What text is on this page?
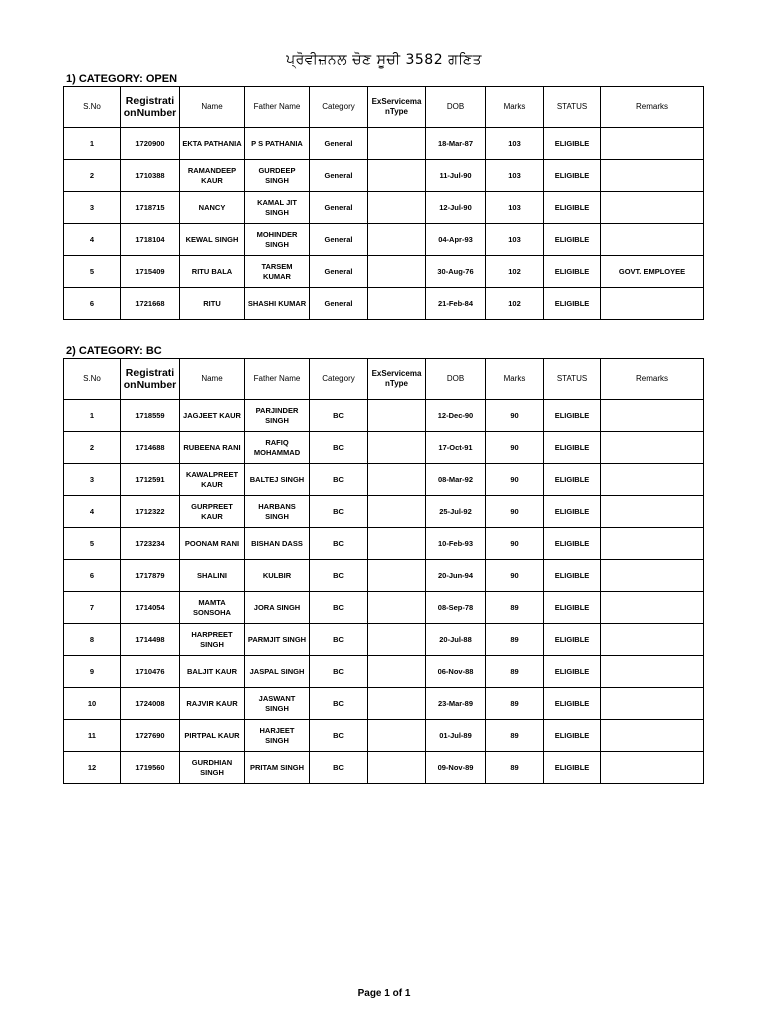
ਪ੍ਰੋਵੀਜ਼ਨਲ ਚੋਣ ਸੂਚੀ 3582 ਗਣਿਤ
1) CATEGORY: OPEN
S.No	RegistrationNumber	Name	Father Name	Category	ExServicemanType	DOB	Marks	STATUS	Remarks
1	1720900	EKTA PATHANIA	P S PATHANIA	General		18-Mar-87	103	ELIGIBLE	
2	1710388	RAMANDEEP KAUR	GURDEEP SINGH	General		11-Jul-90	103	ELIGIBLE	
3	1718715	NANCY	KAMAL JIT SINGH	General		12-Jul-90	103	ELIGIBLE	
4	1718104	KEWAL SINGH	MOHINDER SINGH	General		04-Apr-93	103	ELIGIBLE	
5	1715409	RITU BALA	TARSEM KUMAR	General		30-Aug-76	102	ELIGIBLE	GOVT. EMPLOYEE
6	1721668	RITU	SHASHI KUMAR	General		21-Feb-84	102	ELIGIBLE	
2) CATEGORY: BC
S.No	RegistrationNumber	Name	Father Name	Category	ExServicemanType	DOB	Marks	STATUS	Remarks
1	1718559	JAGJEET KAUR	PARJINDER SINGH	BC		12-Dec-90	90	ELIGIBLE	
2	1714688	RUBEENA RANI	RAFIQ MOHAMMAD	BC		17-Oct-91	90	ELIGIBLE	
3	1712591	KAWALPREET KAUR	BALTEJ SINGH	BC		08-Mar-92	90	ELIGIBLE	
4	1712322	GURPREET KAUR	HARBANS SINGH	BC		25-Jul-92	90	ELIGIBLE	
5	1723234	POONAM RANI	BISHAN DASS	BC		10-Feb-93	90	ELIGIBLE	
6	1717879	SHALINI	KULBIR	BC		20-Jun-94	90	ELIGIBLE	
7	1714054	MAMTA SONSOHA	JORA SINGH	BC		08-Sep-78	89	ELIGIBLE	
8	1714498	HARPREET SINGH	PARMJIT SINGH	BC		20-Jul-88	89	ELIGIBLE	
9	1710476	BALJIT KAUR	JASPAL SINGH	BC		06-Nov-88	89	ELIGIBLE	
10	1724008	RAJVIR KAUR	JASWANT SINGH	BC		23-Mar-89	89	ELIGIBLE	
11	1727690	PIRTPAL KAUR	HARJEET SINGH	BC		01-Jul-89	89	ELIGIBLE	
12	1719560	GURDHIAN SINGH	PRITAM SINGH	BC		09-Nov-89	89	ELIGIBLE	
Page 1 of 1
